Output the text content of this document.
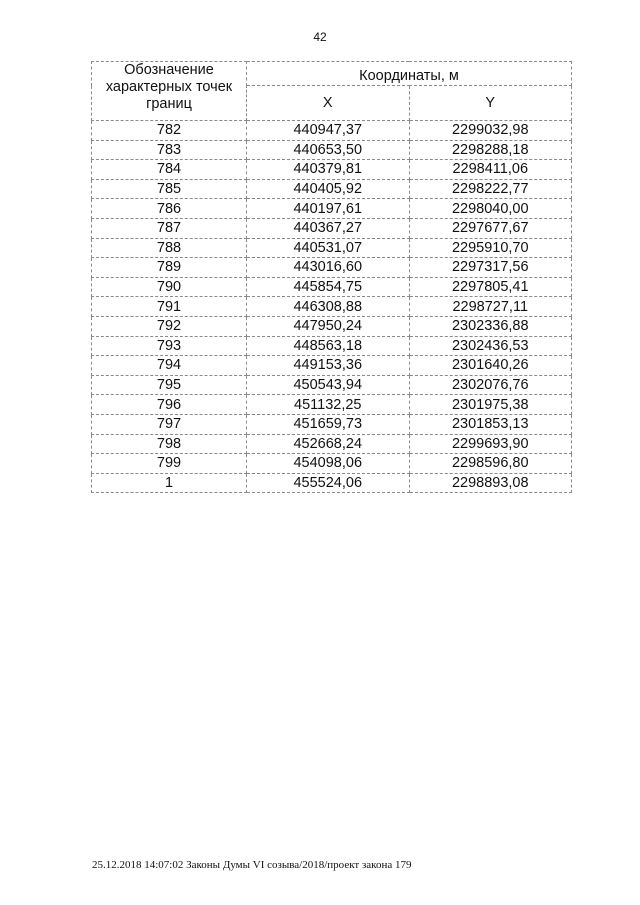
42
Обозначение характерных точек границ	Координаты, м	
	X	Y
782	440947,37	2299032,98
783	440653,50	2298288,18
784	440379,81	2298411,06
785	440405,92	2298222,77
786	440197,61	2298040,00
787	440367,27	2297677,67
788	440531,07	2295910,70
789	443016,60	2297317,56
790	445854,75	2297805,41
791	446308,88	2298727,11
792	447950,24	2302336,88
793	448563,18	2302436,53
794	449153,36	2301640,26
795	450543,94	2302076,76
796	451132,25	2301975,38
797	451659,73	2301853,13
798	452668,24	2299693,90
799	454098,06	2298596,80
1	455524,06	2298893,08
25.12.2018 14:07:02 Законы Думы VI созыва/2018/проект закона 179
